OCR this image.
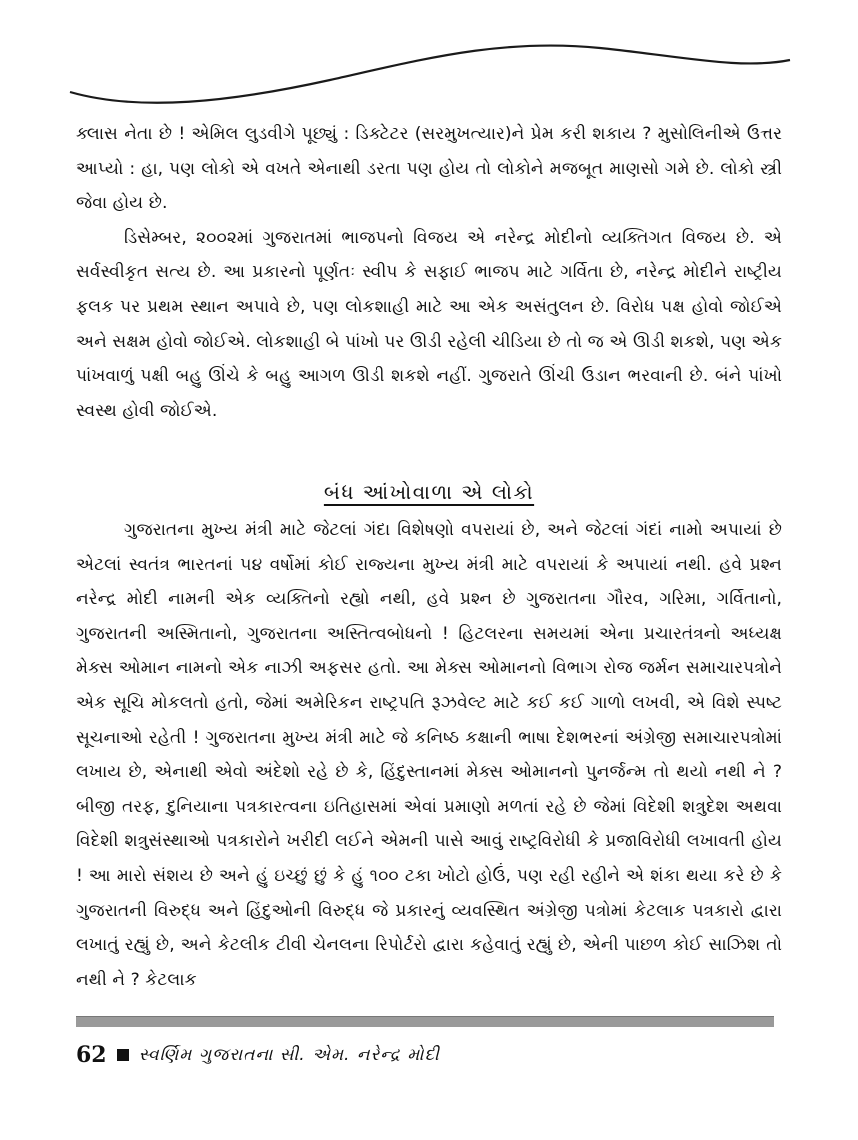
ક્લાસ નેતા છે ! એમિલ લુડવીગે પૂછ્યું : ડિક્ટેટર (સરમુખત્યાર)ને પ્રેમ કરી શકાય ? મુસોલિનીએ ઉત્તર આપ્યો : હા, પણ લોકો એ વખતે એનાથી ડરતા પણ હોય તો લોકોને મજબૂત માણસો ગમે છે. લોકો સ્ત્રી જેવા હોય છે.

ડિસેમ્બર, ૨૦૦૨માં ગુજરાતમાં ભાજપનો વિજય એ નરેન્દ્ર મોદીનો વ્યક્તિગત વિજય છે. એ સર્વસ્વીકૃત સત્ય છે. આ પ્રકારનો પૂર્ણતઃ સ્વીપ કે સફાઈ ભાજપ માટે ગર્વિતા છે, નરેન્દ્ર મોદીને રાષ્ટ્રીય ફલક પર પ્રથમ સ્થાન અપાવે છે, પણ લોકશાહી માટે આ એક અસંતુલન છે. વિરોધ પક્ષ હોવો જોઈએ અને સક્ષમ હોવો જોઈએ. લોકશાહી બે પાંખો પર ઊડી રહેલી ચીડિયા છે તો જ એ ઊડી શકશે, પણ એક પાંખવાળું પક્ષી બહુ ઊંચે કે બહુ આગળ ઊડી શકશે નહીં. ગુજરાતે ઊંચી ઉડાન ભરવાની છે. બંને પાંખો સ્વસ્થ હોવી જોઈએ.

બંધ આંખોવાળા એ લોકો

ગુજરાતના મુખ્ય મંત્રી માટે જેટલાં ગંદા વિશેષણો વપરાયાં છે, અને જેટલાં ગંદાં નામો અપાયાં છે એટલાં સ્વતંત્ર ભારતનાં ૫૪ વર્ષોમાં કોઈ રાજ્યના મુખ્ય મંત્રી માટે વપરાયાં કે અપાયાં નથી. હવે પ્રશ્ન નરેન્દ્ર મોદી નામની એક વ્યક્તિનો રહ્યો નથી, હવે પ્રશ્ન છે ગુજરાતના ગૌરવ, ગરિમા, ગર્વિતાનો, ગુજરાતની અસ્મિતાનો, ગુજરાતના અસ્તિત્વબોધનો ! હિટલરના સમયમાં એના પ્રચારતંત્રનો અધ્યક્ષ મેક્સ ઓમાન નામનો એક નાઝી અફસર હતો. આ મેક્સ ઓમાનનો વિભાગ રોજ જર્મન સમાચારપત્રોને એક સૂચિ મોકલતો હતો, જેમાં અમેરિકન રાષ્ટ્રપતિ રૂઝવેલ્ટ માટે કઈ કઈ ગાળો લખવી, એ વિશે સ્પષ્ટ સૂચનાઓ રહેતી ! ગુજરાતના મુખ્ય મંત્રી માટે જે કનિષ્ઠ કક્ષાની ભાષા દેશભરનાં અંગ્રેજી સમાચારપત્રોમાં લખાય છે, એનાથી એવો અંદેશો રહે છે કે, હિંદુસ્તાનમાં મેક્સ ઓમાનનો પુનર્જન્મ તો થયો નથી ને ? બીજી તરફ, દુનિયાના પત્રકારત્વના ઇતિહાસમાં એવાં પ્રમાણો મળતાં રહે છે જેમાં વિદેશી શત્રુદેશ અથવા વિદેશી શત્રુસંસ્થાઓ પત્રકારોને ખરીદી લઈને એમની પાસે આવું રાષ્ટ્રવિરોધી કે પ્રજાવિરોધી લખાવતી હોય ! આ મારો સંશય છે અને હું ઇચ્છું છું કે હું ૧૦૦ ટકા ખોટો હોઉં, પણ રહી રહીને એ શંકા થયા કરે છે કે ગુજરાતની વિરુદ્ધ અને હિંદુઓની વિરુદ્ધ જે પ્રકારનું વ્યવસ્થિત અંગ્રેજી પત્રોમાં કેટલાક પત્રકારો દ્વારા લખાતું રહ્યું છે, અને કેટલીક ટીવી ચેનલના રિપોર્ટરો દ્વારા કહેવાતું રહ્યું છે, એની પાછળ કોઈ સાઝિશ તો નથી ને ? કેટલાક

62 સ્વર્ણિમ ગુજરાતના સી. એમ. નરેન્દ્ર મોદી
